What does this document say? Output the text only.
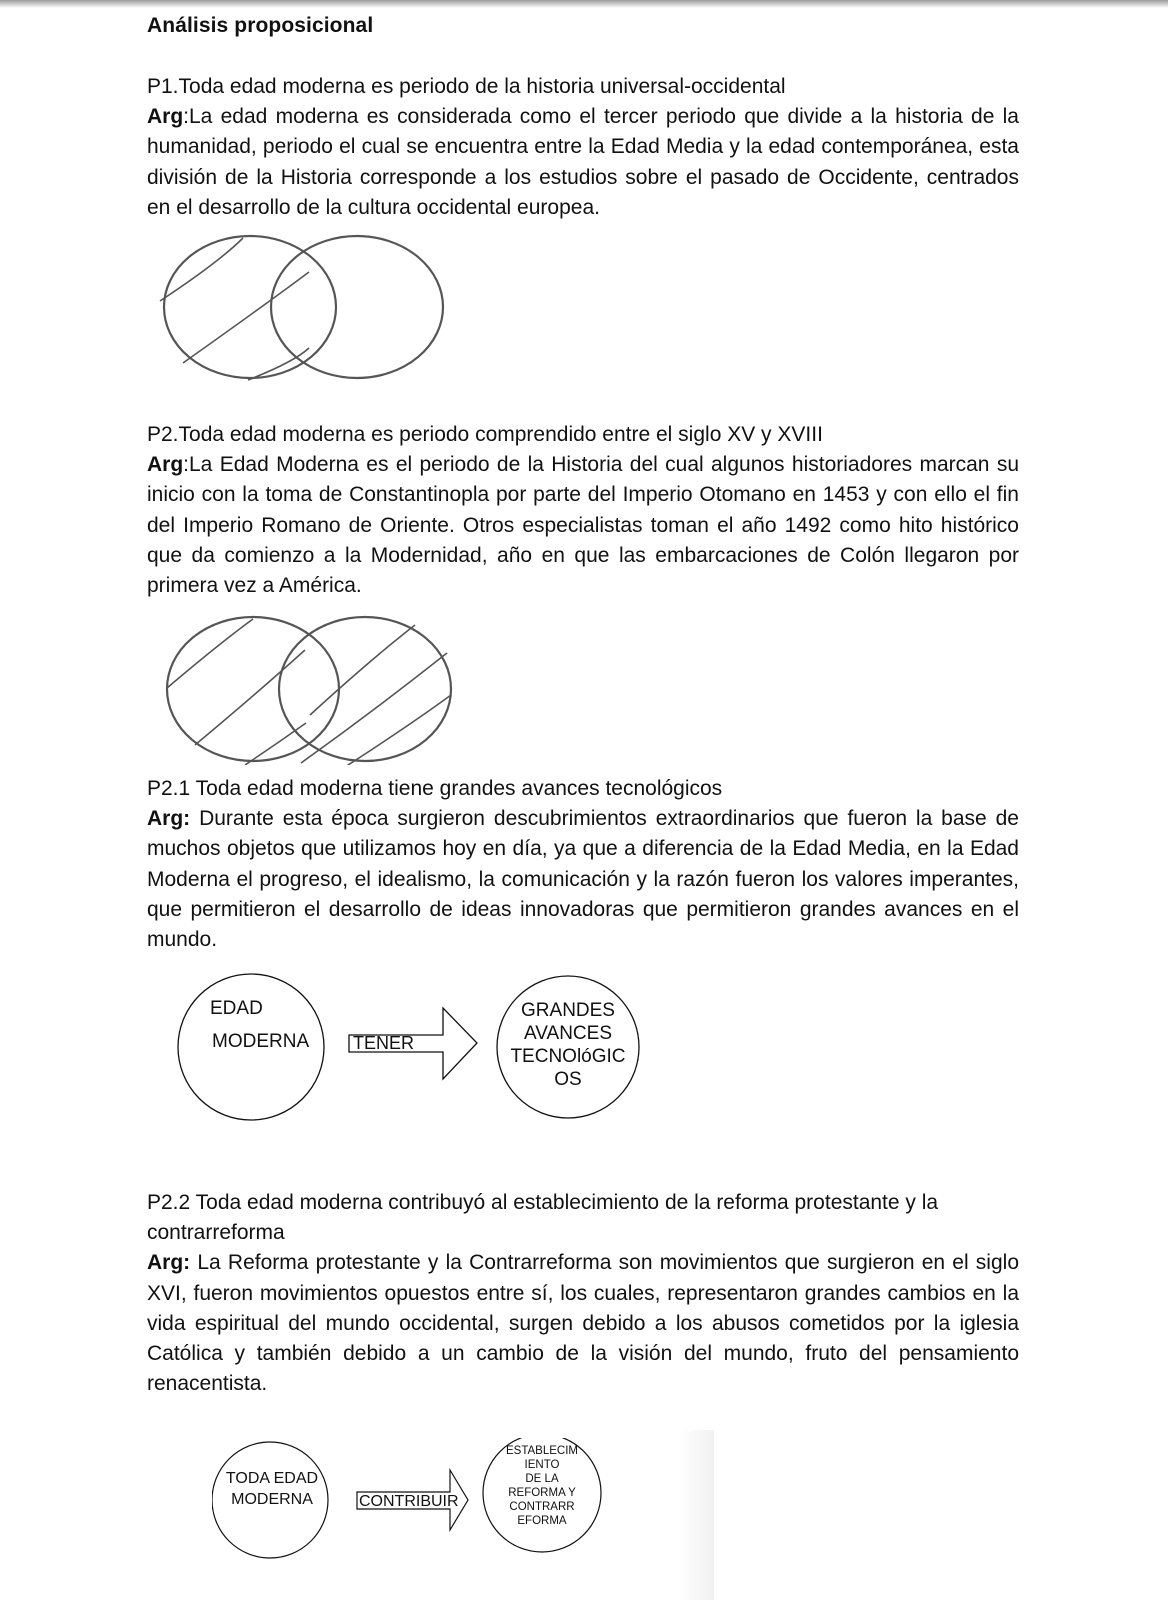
Análisis proposicional
P1.Toda edad moderna es periodo de la historia universal-occidental
Arg:La edad moderna es considerada como el tercer periodo que divide a la historia de la humanidad, periodo el cual se encuentra entre la Edad Media y la edad contemporánea, esta división de la Historia corresponde a los estudios sobre el pasado de Occidente, centrados en el desarrollo de la cultura occidental europea.
P2.Toda edad moderna es periodo comprendido entre el siglo XV y XVIII
Arg:La Edad Moderna es el periodo de la Historia del cual algunos historiadores marcan su inicio con la toma de Constantinopla por parte del Imperio Otomano en 1453 y con ello el fin del Imperio Romano de Oriente. Otros especialistas toman el año 1492 como hito histórico que da comienzo a la Modernidad, año en que las embarcaciones de Colón llegaron por primera vez a América.
P2.1 Toda edad moderna tiene grandes avances tecnológicos
Arg: Durante esta época surgieron descubrimientos extraordinarios que fueron la base de muchos objetos que utilizamos hoy en día, ya que a diferencia de la Edad Media, en la Edad Moderna el progreso, el idealismo, la comunicación y la razón fueron los valores imperantes, que permitieron el desarrollo de ideas innovadoras que permitieron grandes avances en el mundo.
EDAD
MODERNA TENER
GRANDES
AVANCES
TECNOlóGIC
OS
P2.2 Toda edad moderna contribuyó al establecimiento de la reforma protestante y la contrarreforma
Arg: La Reforma protestante y la Contrarreforma son movimientos que surgieron en el siglo XVI, fueron movimientos opuestos entre sí, los cuales, representaron grandes cambios en la vida espiritual del mundo occidental, surgen debido a los abusos cometidos por la iglesia Católica y también debido a un cambio de la visión del mundo, fruto del pensamiento renacentista.
TODA EDAD
MODERNA	CONTRIBUIR
ESTABLECIM
IENTO
DE LA
REFORMA Y
CONTRARR
EFORMA
